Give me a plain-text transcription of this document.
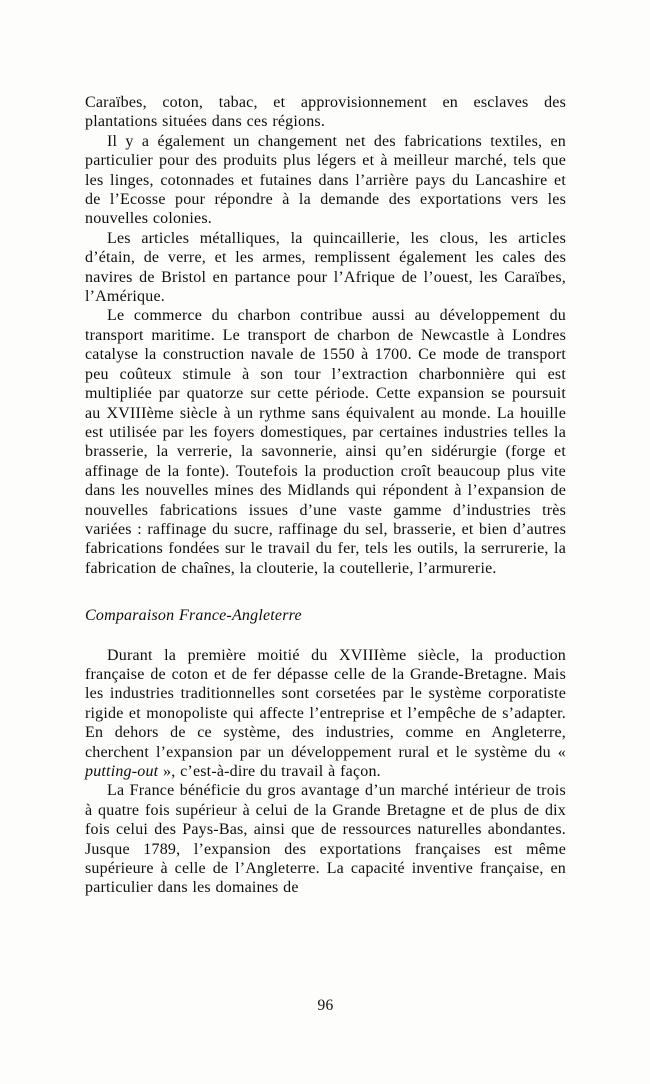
Caraïbes, coton, tabac, et approvisionnement en esclaves des plantations situées dans ces régions.

Il y a également un changement net des fabrications textiles, en particulier pour des produits plus légers et à meilleur marché, tels que les linges, cotonnades et futaines dans l’arrière pays du Lancashire et de l’Ecosse pour répondre à la demande des exportations vers les nouvelles colonies.

Les articles métalliques, la quincaillerie, les clous, les articles d’étain, de verre, et les armes, remplissent également les cales des navires de Bristol en partance pour l’Afrique de l’ouest, les Caraïbes, l’Amérique.

Le commerce du charbon contribue aussi au développement du transport maritime. Le transport de charbon de Newcastle à Londres catalyse la construction navale de 1550 à 1700. Ce mode de transport peu coûteux stimule à son tour l’extraction charbonnière qui est multipliée par quatorze sur cette période. Cette expansion se poursuit au XVIIIème siècle à un rythme sans équivalent au monde. La houille est utilisée par les foyers domestiques, par certaines industries telles la brasserie, la verrerie, la savonnerie, ainsi qu’en sidérurgie (forge et affinage de la fonte). Toutefois la production croît beaucoup plus vite dans les nouvelles mines des Midlands qui répondent à l’expansion de nouvelles fabrications issues d’une vaste gamme d’industries très variées : raffinage du sucre, raffinage du sel, brasserie, et bien d’autres fabrications fondées sur le travail du fer, tels les outils, la serrurerie, la fabrication de chaînes, la clouterie, la coutellerie, l’armurerie.

Comparaison France-Angleterre

Durant la première moitié du XVIIIème siècle, la production française de coton et de fer dépasse celle de la Grande-Bretagne. Mais les industries traditionnelles sont corsetées par le système corporatiste rigide et monopoliste qui affecte l’entreprise et l’empêche de s’adapter. En dehors de ce système, des industries, comme en Angleterre, cherchent l’expansion par un développement rural et le système du « putting-out », c’est-à-dire du travail à façon.

La France bénéficie du gros avantage d’un marché intérieur de trois à quatre fois supérieur à celui de la Grande Bretagne et de plus de dix fois celui des Pays-Bas, ainsi que de ressources naturelles abondantes. Jusque 1789, l’expansion des exportations françaises est même supérieure à celle de l’Angleterre. La capacité inventive française, en particulier dans les domaines de

96
